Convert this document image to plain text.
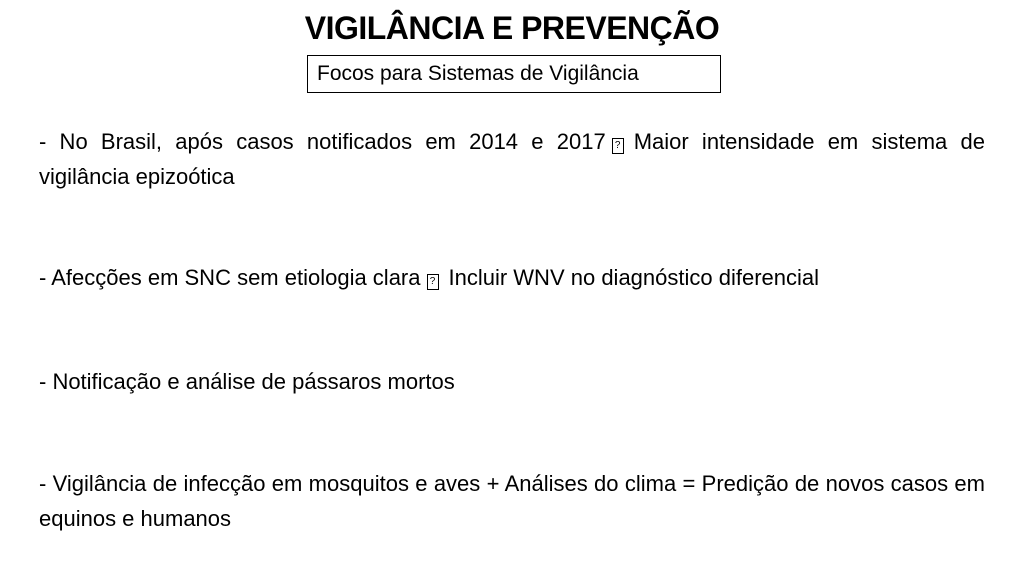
VIGILÂNCIA E PREVENÇÃO
Focos para Sistemas de Vigilância

- No Brasil, após casos notificados em 2014 e 2017 ? Maior intensidade em sistema de vigilância epizoótica

- Afecções em SNC sem etiologia clara ? Incluir WNV no diagnóstico diferencial

- Notificação e análise de pássaros mortos

- Vigilância de infecção em mosquitos e aves + Análises do clima = Predição de novos casos em equinos e humanos
